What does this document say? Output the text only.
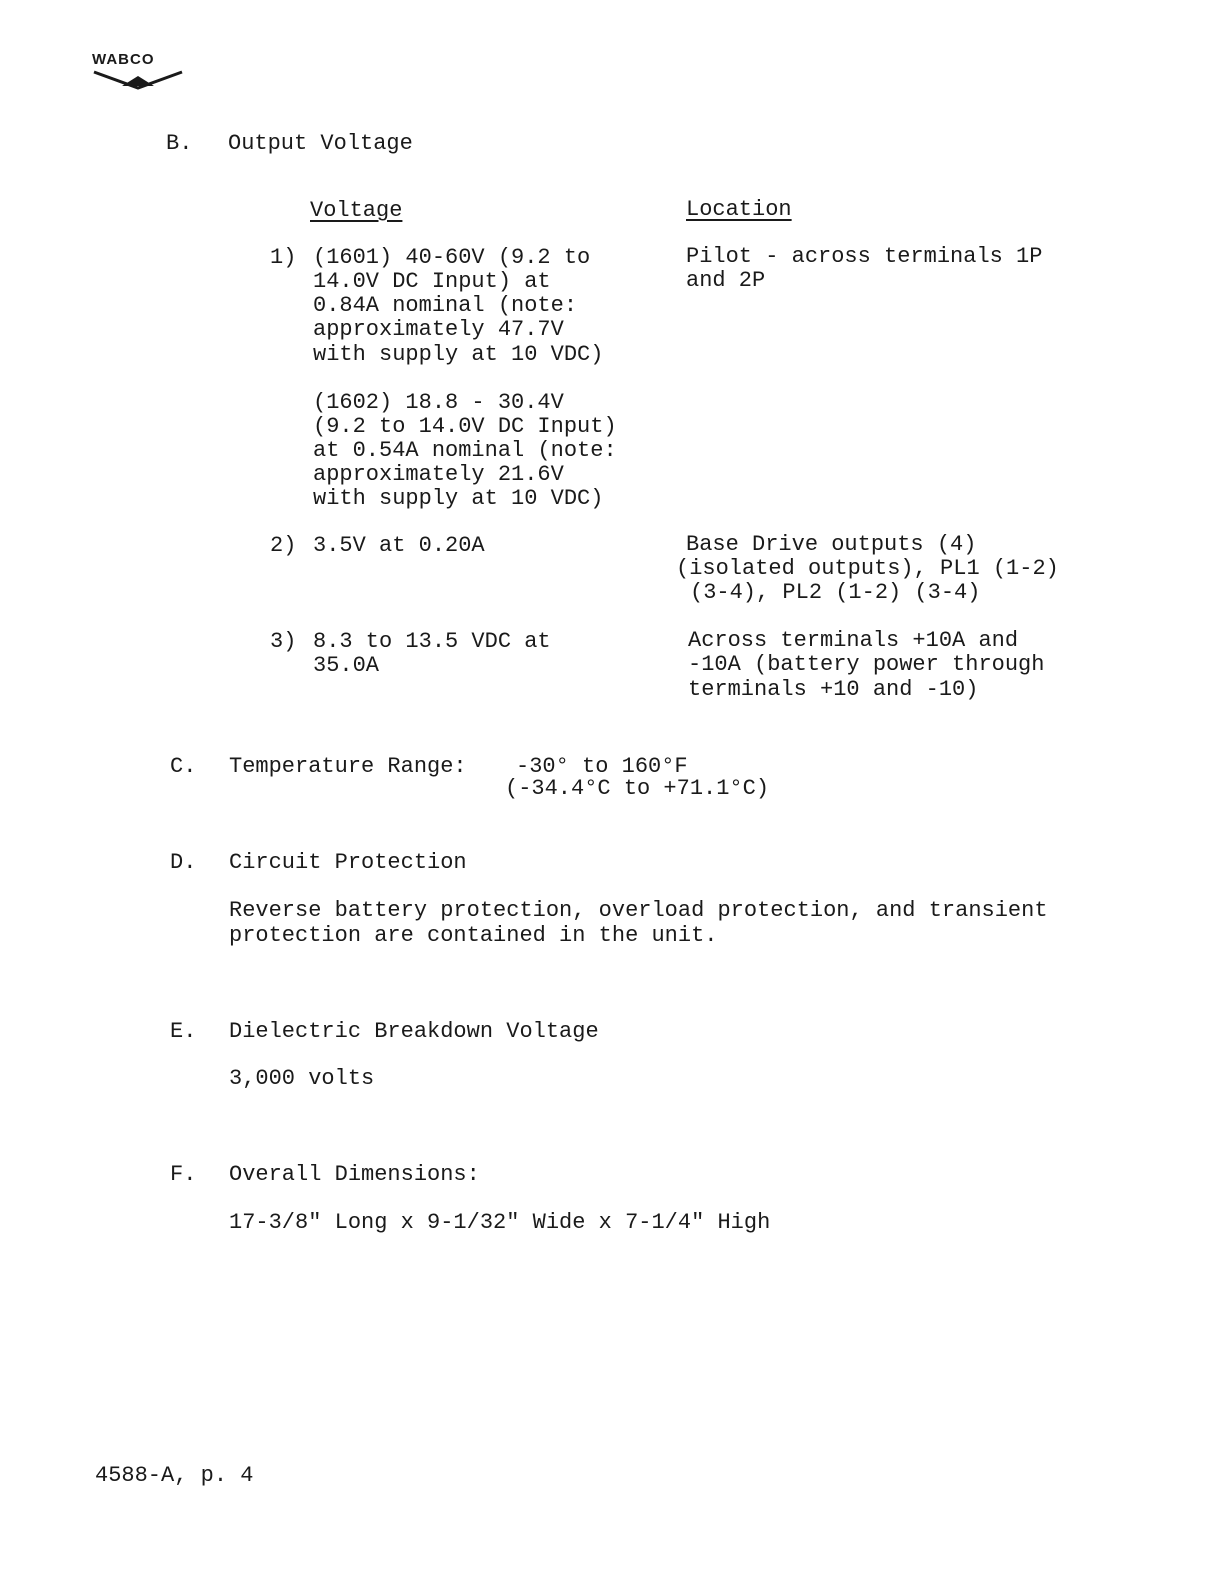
WABCO
B. Output Voltage
Voltage	Location
1) (1601) 40-60V (9.2 to
14.0V DC Input) at
0.84A nominal (note:
approximately 47.7V
with supply at 10 VDC)
(1602) 18.8 - 30.4V
(9.2 to 14.0V DC Input)
at 0.54A nominal (note:
approximately 21.6V
with supply at 10 VDC)
Pilot - across terminals 1P
and 2P
2) 3.5V at 0.20A	Base Drive outputs (4)
(isolated outputs), PL1 (1-2)
(3-4), PL2 (1-2) (3-4)
3) 8.3 to 13.5 VDC at
35.0A
Across terminals +10A and
-10A (battery power through
terminals +10 and -10)
C. Temperature Range: -30° to 160°F
(-34.4°C to +71.1°C)
D. Circuit Protection
Reverse battery protection, overload protection, and transient
protection are contained in the unit.
E. Dielectric Breakdown Voltage
3,000 volts
F. Overall Dimensions:
17-3/8" Long x 9-1/32" Wide x 7-1/4" High
4588-A, p. 4
